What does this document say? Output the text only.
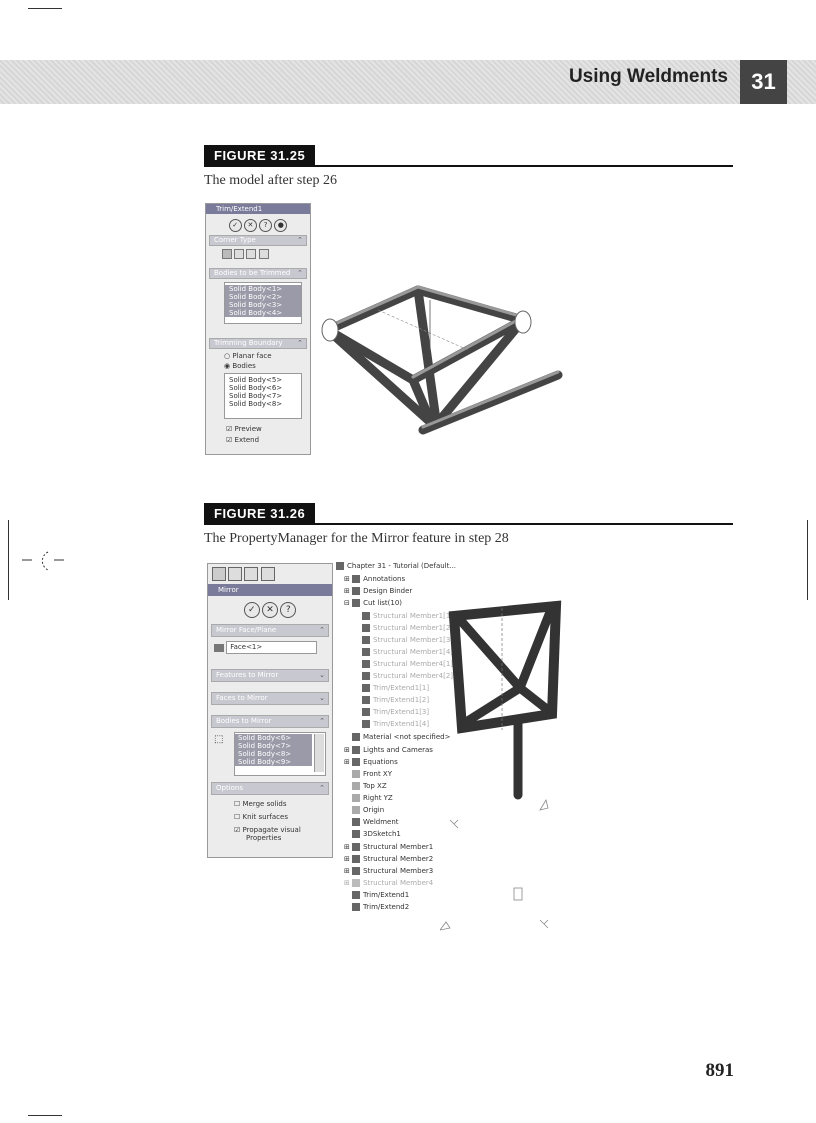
Using Weldments	31
FIGURE 31.25
The model after step 26
Trim/Extend1
✓ ✕ ? ●
Corner Type	⌃

Bodies to be Trimmed ⌃
Solid Body<1>
Solid Body<2>
Solid Body<3>
Solid Body<4>
Trimming Boundary ⌃
○ Planar face
◉ Bodies
Solid Body<5>
Solid Body<6>
Solid Body<7>
Solid Body<8>
☑ Preview
☑ Extend
FIGURE 31.26
The PropertyManager for the Mirror feature in step 28

Mirror
✓ ✕ ?
Mirror Face/Plane	⌃
Face<1>
Features to Mirror	⌄
Faces to Mirror	⌄
Bodies to Mirror	⌃
⬚	Solid Body<6>
Solid Body<7>
Solid Body<8>
Solid Body<9>
Options	⌃
☐ Merge solids
☐ Knit surfaces
☑ Propagate visual
Properties
Chapter 31 - Tutorial (Default...
⊞ Annotations
⊞ Design Binder
⊟ Cut list(10)
Structural Member1[1]
Structural Member1[2]
Structural Member1[3]
Structural Member1[4]
Structural Member4[1]
Structural Member4[2]
Trim/Extend1[1]
Trim/Extend1[2]
Trim/Extend1[3]
Trim/Extend1[4]
Material <not specified>
⊞ Lights and Cameras
⊞ Equations
Front XY
Top XZ
Right YZ
Origin
Weldment
3DSketch1
⊞ Structural Member1
⊞ Structural Member2
⊞ Structural Member3
⊞ Structural Member4
Trim/Extend1
Trim/Extend2
891
